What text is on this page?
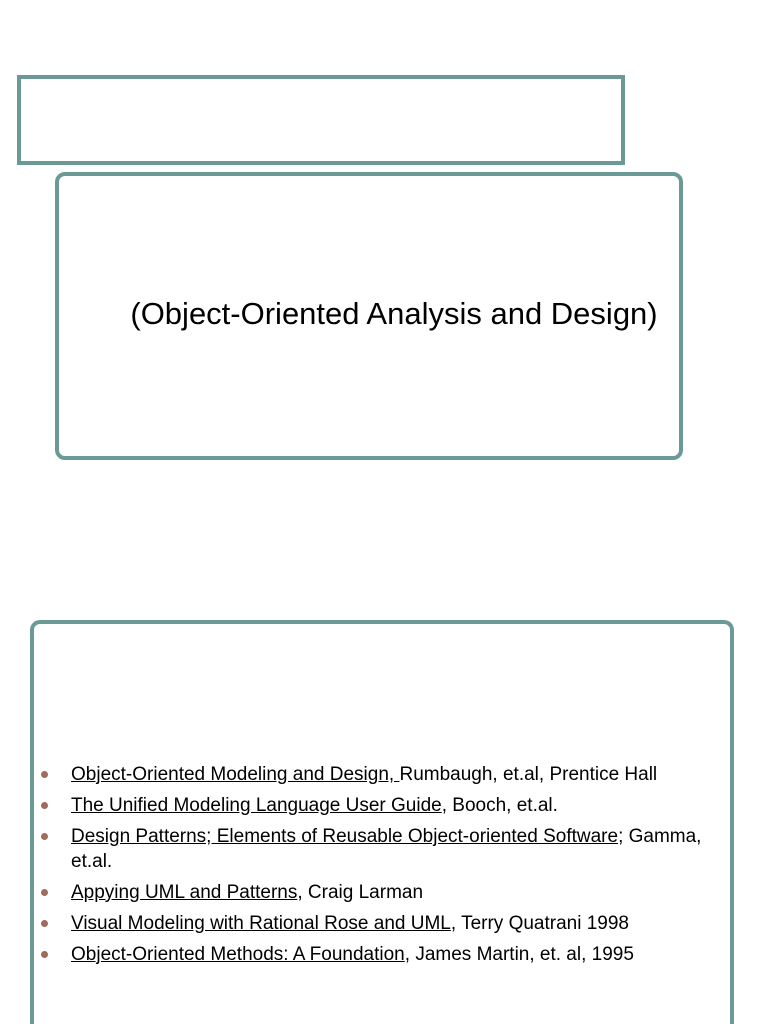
(Object-Oriented Analysis and Design)
Object-Oriented Modeling and Design, Rumbaugh, et.al, Prentice Hall
The Unified Modeling Language User Guide, Booch, et.al.
Design Patterns; Elements of Reusable Object-oriented Software; Gamma, et.al.
Appying UML and Patterns, Craig Larman
Visual Modeling with Rational Rose and UML, Terry Quatrani 1998
Object-Oriented Methods: A Foundation, James Martin, et. al, 1995
